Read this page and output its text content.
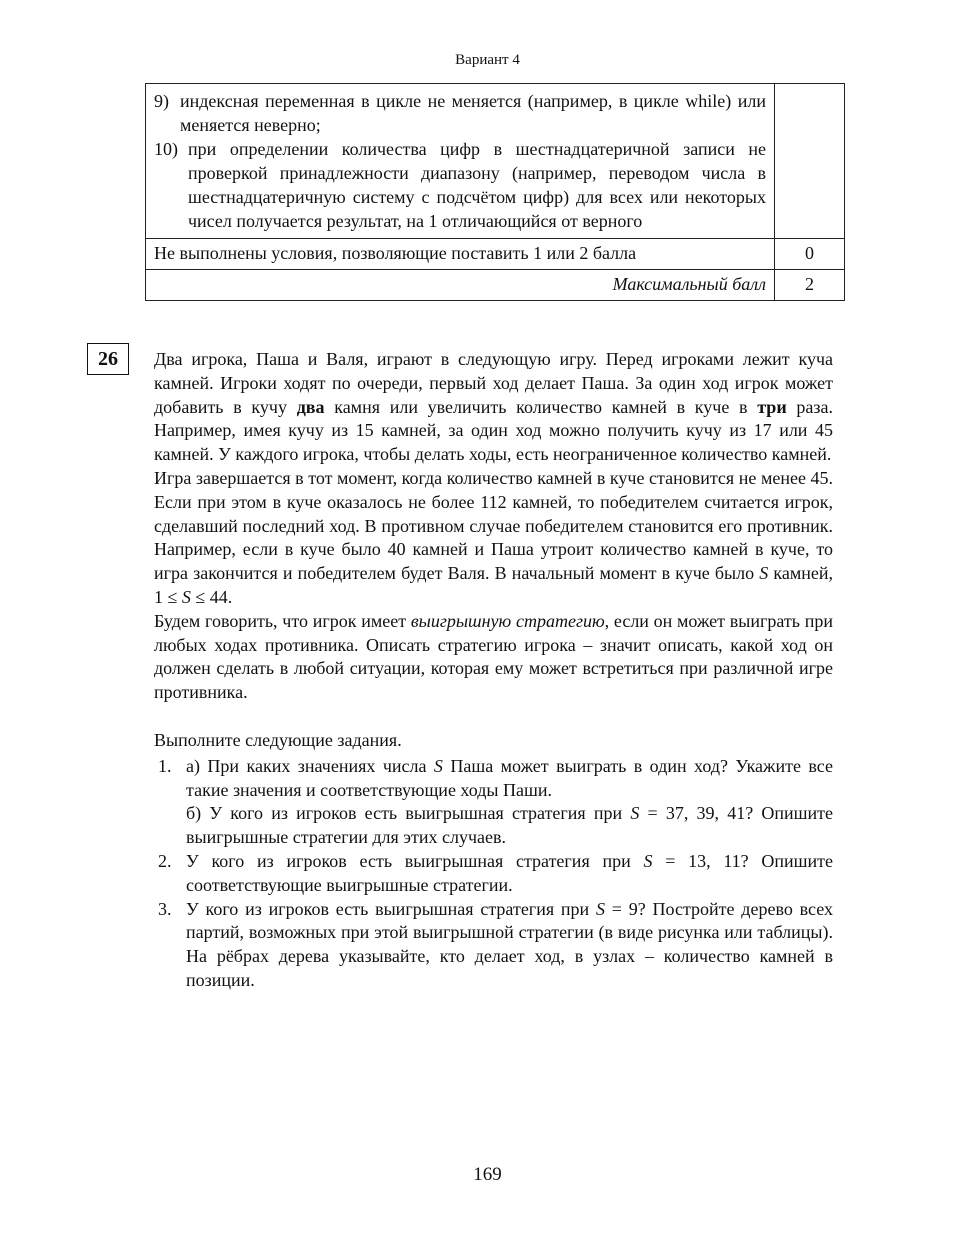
Вариант 4
9) индексная переменная в цикле не меняется (например, в цикле while) или меняется неверно;
10) при определении количества цифр в шестнадцатеричной записи не проверкой принадлежности диапазону (например, переводом числа в шестнадцатеричную систему с подсчётом цифр) для всех или некоторых чисел получается результат, на 1 отличающийся от верного	

Не выполнены условия, позволяющие поставить 1 или 2 балла	0
Максимальный балл	2
26	Два игрока, Паша и Валя, играют в следующую игру. Перед игроками лежит куча камней. Игроки ходят по очереди, первый ход делает Паша. За один ход игрок может добавить в кучу два камня или увеличить количество камней в куче в три раза. Например, имея кучу из 15 камней, за один ход можно получить кучу из 17 или 45 камней. У каждого игрока, чтобы делать ходы, есть неограниченное количество камней.

Игра завершается в тот момент, когда количество камней в куче становится не менее 45. Если при этом в куче оказалось не более 112 камней, то победителем считается игрок, сделавший последний ход. В противном случае победителем становится его противник. Например, если в куче было 40 камней и Паша утроит количество камней в куче, то игра закончится и победителем будет Валя. В начальный момент в куче было S камней, 1 ≤ S ≤ 44.

Будем говорить, что игрок имеет выигрышную стратегию, если он может выиграть при любых ходах противника. Описать стратегию игрока – значит описать, какой ход он должен сделать в любой ситуации, которая ему может встретиться при различной игре противника.

Выполните следующие задания.

1. а) При каких значениях числа S Паша может выиграть в один ход? Укажите все такие значения и соответствующие ходы Паши.
б) У кого из игроков есть выигрышная стратегия при S = 37, 39, 41? Опишите выигрышные стратегии для этих случаев.
2. У кого из игроков есть выигрышная стратегия при S = 13, 11? Опишите соответствующие выигрышные стратегии.
3. У кого из игроков есть выигрышная стратегия при S = 9? Постройте дерево всех партий, возможных при этой выигрышной стратегии (в виде рисунка или таблицы). На рёбрах дерева указывайте, кто делает ход, в узлах – количество камней в позиции.
169
